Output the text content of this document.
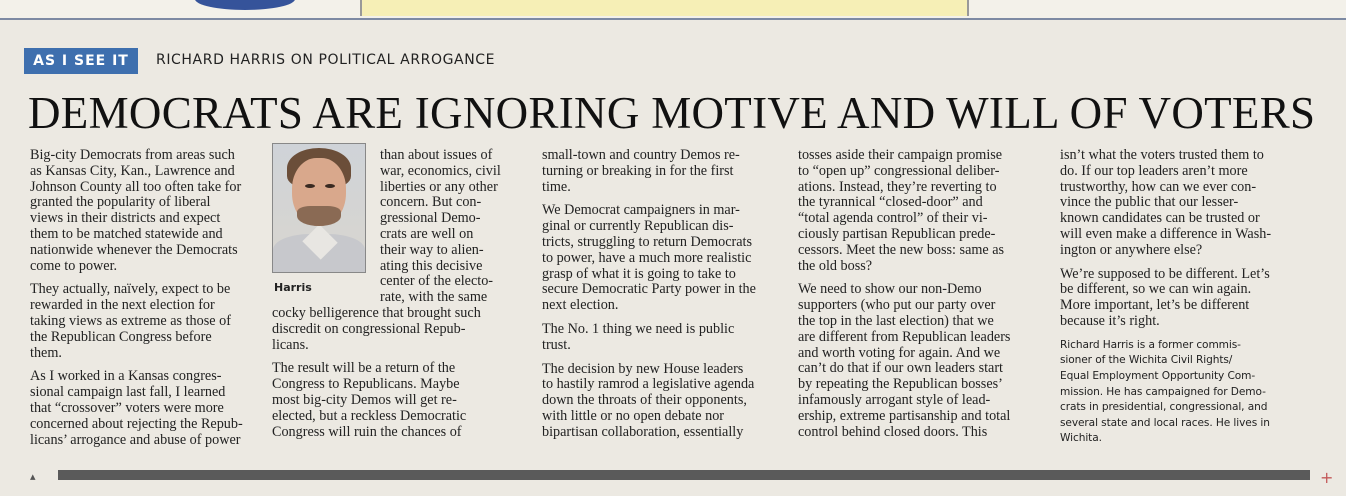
AS I SEE IT	RICHARD HARRIS ON POLITICAL ARROGANCE
DEMOCRATS ARE IGNORING MOTIVE AND WILL OF VOTERS

Big-city Democrats from areas such
as Kansas City, Kan., Lawrence and
Johnson County all too often take for
granted the popularity of liberal
views in their districts and expect
them to be matched statewide and
nationwide whenever the Democrats
come to power.

They actually, naïvely, expect to be
rewarded in the next election for
taking views as extreme as those of
the Republican Congress before
them.

As I worked in a Kansas congres-
sional campaign last fall, I learned
that “crossover” voters were more
concerned about rejecting the Repub-
licans’ arrogance and abuse of power

Harris

than about issues of
war, economics, civil
liberties or any other
concern. But con-
gressional Demo-
crats are well on
their way to alien-
ating this decisive
center of the electo-
rate, with the same
cocky belligerence that brought such
discredit on congressional Repub-
licans.

The result will be a return of the
Congress to Republicans. Maybe
most big-city Demos will get re-
elected, but a reckless Democratic
Congress will ruin the chances of

small-town and country Demos re-
turning or breaking in for the first
time.

We Democrat campaigners in mar-
ginal or currently Republican dis-
tricts, struggling to return Democrats
to power, have a much more realistic
grasp of what it is going to take to
secure Democratic Party power in the
next election.

The No. 1 thing we need is public
trust.

The decision by new House leaders
to hastily ramrod a legislative agenda
down the throats of their opponents,
with little or no open debate nor
bipartisan collaboration, essentially

tosses aside their campaign promise
to “open up” congressional deliber-
ations. Instead, they’re reverting to
the tyrannical “closed-door” and
“total agenda control” of their vi-
ciously partisan Republican prede-
cessors. Meet the new boss: same as
the old boss?

We need to show our non-Demo
supporters (who put our party over
the top in the last election) that we
are different from Republican leaders
and worth voting for again. And we
can’t do that if our own leaders start
by repeating the Republican bosses’
infamously arrogant style of lead-
ership, extreme partisanship and total
control behind closed doors. This

isn’t what the voters trusted them to
do. If our top leaders aren’t more
trustworthy, how can we ever con-
vince the public that our lesser-
known candidates can be trusted or
will even make a difference in Wash-
ington or anywhere else?

We’re supposed to be different. Let’s
be different, so we can win again.
More important, let’s be different
because it’s right.

Richard Harris is a former commis-
sioner of the Wichita Civil Rights/
Equal Employment Opportunity Com-
mission. He has campaigned for Demo-
crats in presidential, congressional, and
several state and local races. He lives in
Wichita.

▴	+
